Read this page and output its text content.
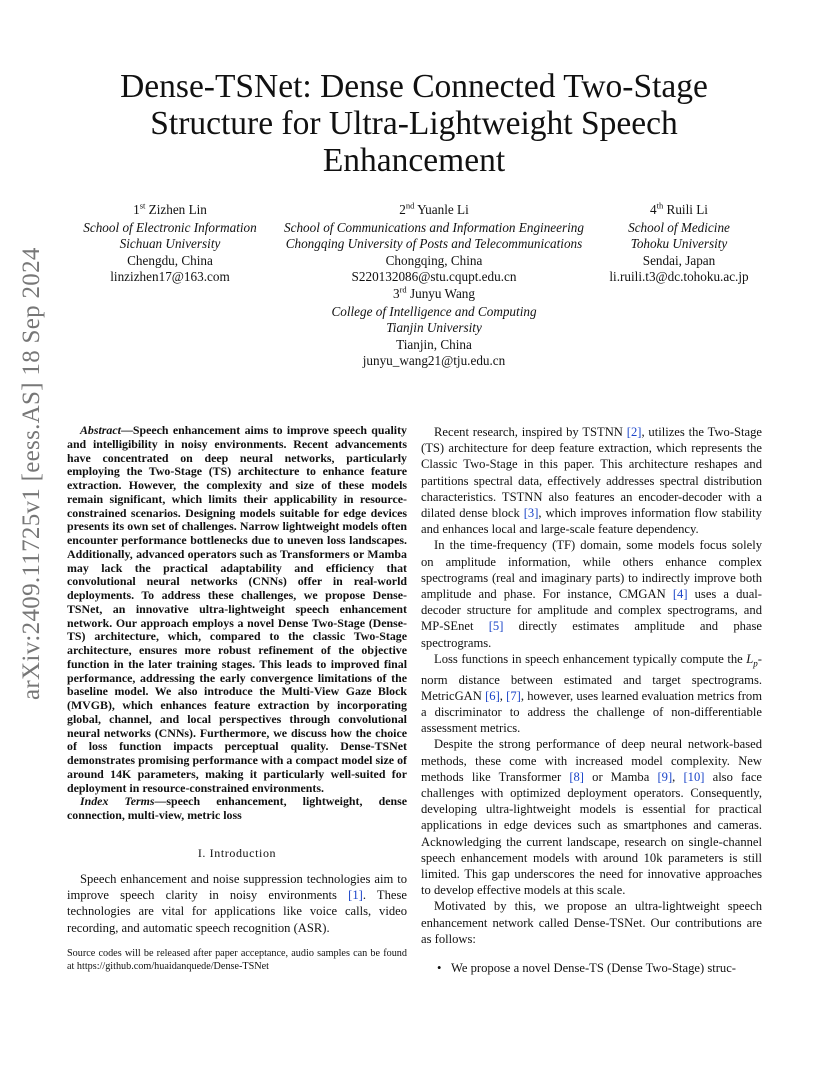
arXiv:2409.11725v1 [eess.AS] 18 Sep 2024
Dense-TSNet: Dense Connected Two-Stage Structure for Ultra-Lightweight Speech Enhancement
1st Zizhen Lin
School of Electronic Information
Sichuan University
Chengdu, China
linzizhen17@163.com
2nd Yuanle Li
School of Communications and Information Engineering
Chongqing University of Posts and Telecommunications
Chongqing, China
S220132086@stu.cqupt.edu.cn
4th Ruili Li
School of Medicine
Tohoku University
Sendai, Japan
li.ruili.t3@dc.tohoku.ac.jp
3rd Junyu Wang
College of Intelligence and Computing
Tianjin University
Tianjin, China
junyu_wang21@tju.edu.cn

Abstract—Speech enhancement aims to improve speech quality and intelligibility in noisy environments. Recent advancements have concentrated on deep neural networks, particularly employing the Two-Stage (TS) architecture to enhance feature extraction. However, the complexity and size of these models remain significant, which limits their applicability in resource-constrained scenarios. Designing models suitable for edge devices presents its own set of challenges. Narrow lightweight models often encounter performance bottlenecks due to uneven loss landscapes. Additionally, advanced operators such as Transformers or Mamba may lack the practical adaptability and efficiency that convolutional neural networks (CNNs) offer in real-world deployments. To address these challenges, we propose Dense-TSNet, an innovative ultra-lightweight speech enhancement network. Our approach employs a novel Dense Two-Stage (Dense-TS) architecture, which, compared to the classic Two-Stage architecture, ensures more robust refinement of the objective function in the later training stages. This leads to improved final performance, addressing the early convergence limitations of the baseline model. We also introduce the Multi-View Gaze Block (MVGB), which enhances feature extraction by incorporating global, channel, and local perspectives through convolutional neural networks (CNNs). Furthermore, we discuss how the choice of loss function impacts perceptual quality. Dense-TSNet demonstrates promising performance with a compact model size of around 14K parameters, making it particularly well-suited for deployment in resource-constrained environments.

Index Terms—speech enhancement, lightweight, dense connection, multi-view, metric loss

I. Introduction

Speech enhancement and noise suppression technologies aim to improve speech clarity in noisy environments [1]. These technologies are vital for applications like voice calls, video recording, and automatic speech recognition (ASR).

Source codes will be released after paper acceptance, audio samples can be found at https://github.com/huaidanquede/Dense-TSNet

Recent research, inspired by TSTNN [2], utilizes the Two-Stage (TS) architecture for deep feature extraction, which represents the Classic Two-Stage in this paper. This architecture reshapes and partitions spectral data, effectively addresses spectral distribution characteristics. TSTNN also features an encoder-decoder with a dilated dense block [3], which improves information flow stability and enhances local and large-scale feature dependency.

In the time-frequency (TF) domain, some models focus solely on amplitude information, while others enhance complex spectrograms (real and imaginary parts) to indirectly improve both amplitude and phase. For instance, CMGAN [4] uses a dual-decoder structure for amplitude and complex spectrograms, and MP-SEnet [5] directly estimates amplitude and phase spectrograms.

Loss functions in speech enhancement typically compute the $L_p$-norm distance between estimated and target spectrograms. MetricGAN [6], [7], however, uses learned evaluation metrics from a discriminator to address the challenge of non-differentiable assessment metrics.

Despite the strong performance of deep neural network-based methods, these come with increased model complexity. New methods like Transformer [8] or Mamba [9], [10] also face challenges with optimized deployment operators. Consequently, developing ultra-lightweight models is essential for practical applications in edge devices such as smartphones and cameras. Acknowledging the current landscape, research on single-channel speech enhancement models with around 10k parameters is still limited. This gap underscores the need for innovative approaches to develop effective models at this scale.

Motivated by this, we propose an ultra-lightweight speech enhancement network called Dense-TSNet. Our contributions are as follows:

• We propose a novel Dense-TS (Dense Two-Stage) struc-
